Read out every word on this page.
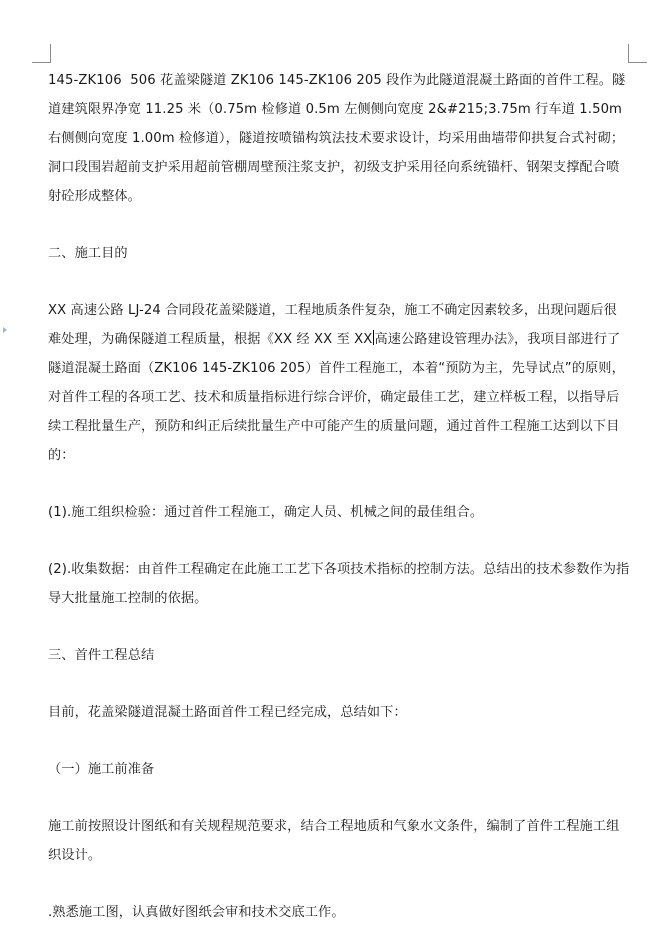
145-ZK106  506 花盖梁隧道 ZK106 145-ZK106 205 段作为此隧道混凝土路面的首件工程。隧道建筑限界净宽 11.25 米（0.75m 检修道 0.5m 左侧侧向宽度 2&#215;3.75m 行车道 1.50m 右侧侧向宽度 1.00m 检修道），隧道按喷锚构筑法技术要求设计，均采用曲墙带仰拱复合式衬砌；洞口段围岩超前支护采用超前管棚周壁预注浆支护，初级支护采用径向系统锚杆、钢架支撑配合喷射砼形成整体。

二、施工目的

XX 高速公路 LJ-24 合同段花盖梁隧道，工程地质条件复杂，施工不确定因素较多，出现问题后很难处理，为确保隧道工程质量，根据《XX 经 XX 至 XX 高速公路建设管理办法》，我项目部进行了隧道混凝土路面（ZK106 145-ZK106 205）首件工程施工，本着“预防为主，先导试点”的原则，对首件工程的各项工艺、技术和质量指标进行综合评价，确定最佳工艺，建立样板工程，以指导后续工程批量生产，预防和纠正后续批量生产中可能产生的质量问题，通过首件工程施工达到以下目的：

(1).施工组织检验：通过首件工程施工，确定人员、机械之间的最佳组合。

(2).收集数据：由首件工程确定在此施工工艺下各项技术指标的控制方法。总结出的技术参数作为指导大批量施工控制的依据。

三、首件工程总结

目前，花盖梁隧道混凝土路面首件工程已经完成，总结如下：

（一）施工前准备

施工前按照设计图纸和有关规程规范要求，结合工程地质和气象水文条件，编制了首件工程施工组织设计。

.熟悉施工图，认真做好图纸会审和技术交底工作。
